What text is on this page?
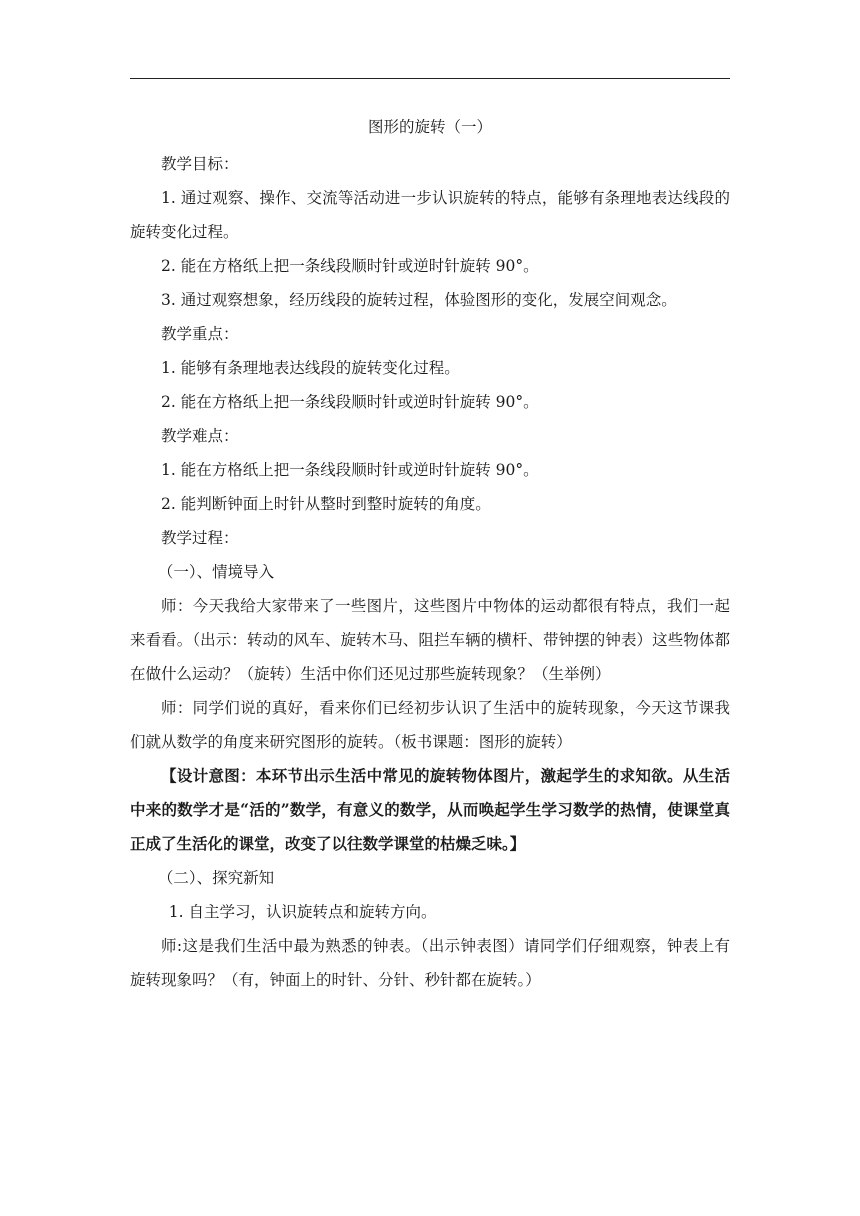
图形的旋转（一）

教学目标：

1. 通过观察、操作、交流等活动进一步认识旋转的特点，能够有条理地表达线段的旋转变化过程。

2. 能在方格纸上把一条线段顺时针或逆时针旋转 90°。

3. 通过观察想象，经历线段的旋转过程，体验图形的变化，发展空间观念。

教学重点：

1. 能够有条理地表达线段的旋转变化过程。

2. 能在方格纸上把一条线段顺时针或逆时针旋转 90°。

教学难点：

1. 能在方格纸上把一条线段顺时针或逆时针旋转 90°。

2. 能判断钟面上时针从整时到整时旋转的角度。

教学过程：

（一）、情境导入

师：今天我给大家带来了一些图片，这些图片中物体的运动都很有特点，我们一起来看看。（出示：转动的风车、旋转木马、阻拦车辆的横杆、带钟摆的钟表）这些物体都在做什么运动？（旋转）生活中你们还见过那些旋转现象？（生举例）

师：同学们说的真好，看来你们已经初步认识了生活中的旋转现象，今天这节课我们就从数学的角度来研究图形的旋转。（板书课题：图形的旋转）

【设计意图：本环节出示生活中常见的旋转物体图片，激起学生的求知欲。从生活中来的数学才是“活的”数学，有意义的数学，从而唤起学生学习数学的热情，使课堂真正成了生活化的课堂，改变了以往数学课堂的枯燥乏味。】

（二）、探究新知

1. 自主学习，认识旋转点和旋转方向。

师:这是我们生活中最为熟悉的钟表。（出示钟表图）请同学们仔细观察，钟表上有旋转现象吗？（有，钟面上的时针、分针、秒针都在旋转。）
